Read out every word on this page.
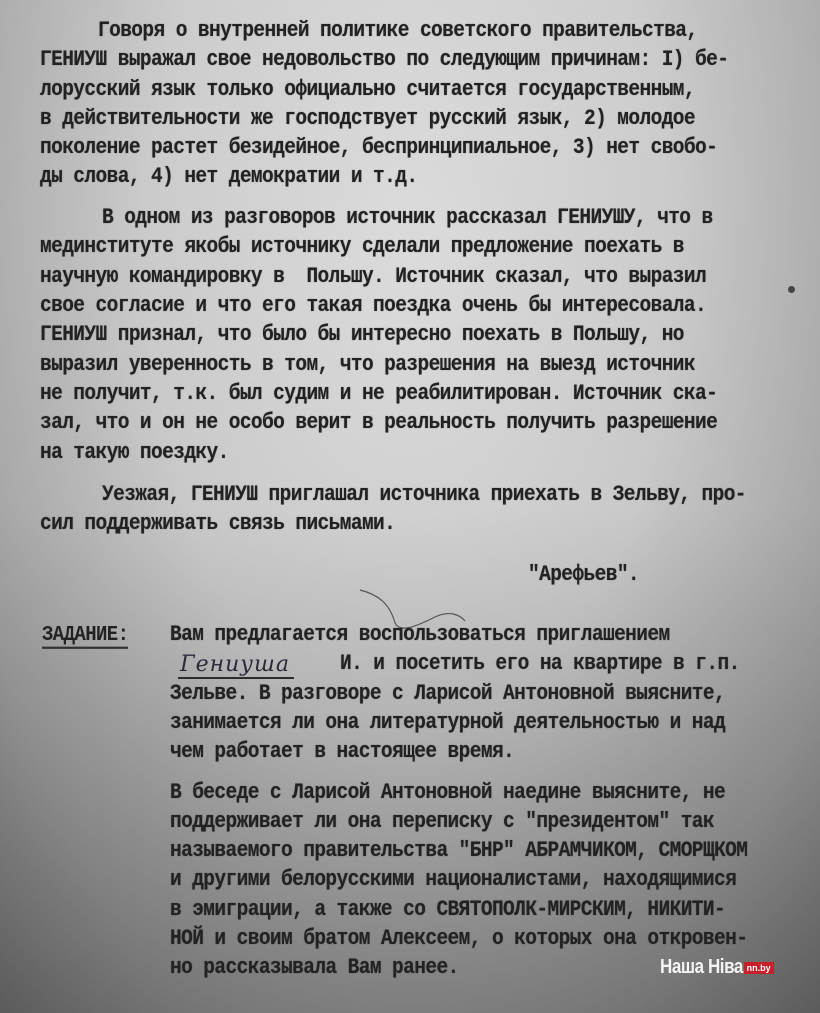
Говоря о внутренней политике советского правительства,
ГЕНИУШ выражал свое недовольство по следующим причинам: I) бе-
лорусский язык только официально считается государственным,
в действительности же господствует русский язык, 2) молодое
поколение растет безидейное, беспринципиальное, 3) нет свобо-
ды слова, 4) нет демократии и т.д.
В одном из разговоров источник рассказал ГЕНИУШУ, что в
мединституте якобы источнику сделали предложение поехать в
научную командировку в  Польшу. Источник сказал, что выразил
свое согласие и что его такая поездка очень бы интересовала.
ГЕНИУШ признал, что было бы интересно поехать в Польшу, но
выразил уверенность в том, что разрешения на выезд источник
не получит, т.к. был судим и не реабилитирован. Источник ска-
зал, что и он не особо верит в реальность получить разрешение
на такую поездку.
Уезжая, ГЕНИУШ приглашал источника приехать в Зельву, про-
сил поддерживать связь письмами.
"Арефьев".
ЗАДАНИЕ: Вам предлагается воспользоваться приглашением
Гениуша	И. и посетить его на квартире в г.п.
Зельве. В разговоре с Ларисой Антоновной выясните,
занимается ли она литературной деятельностью и над
чем работает в настоящее время.
В беседе с Ларисой Антоновной наедине выясните, не
поддерживает ли она переписку с "президентом" так
называемого правительства "БНР" АБРАМЧИКОМ, СМОРЩКОМ
и другими белорусскими националистами, находящимися
в эмиграции, а также со СВЯТОПОЛК-МИРСКИМ, НИКИТИ-
НОЙ и своим братом Алексеем, о которых она откровен-
но рассказывала Вам ранее.	Наша Ніва nn.by
